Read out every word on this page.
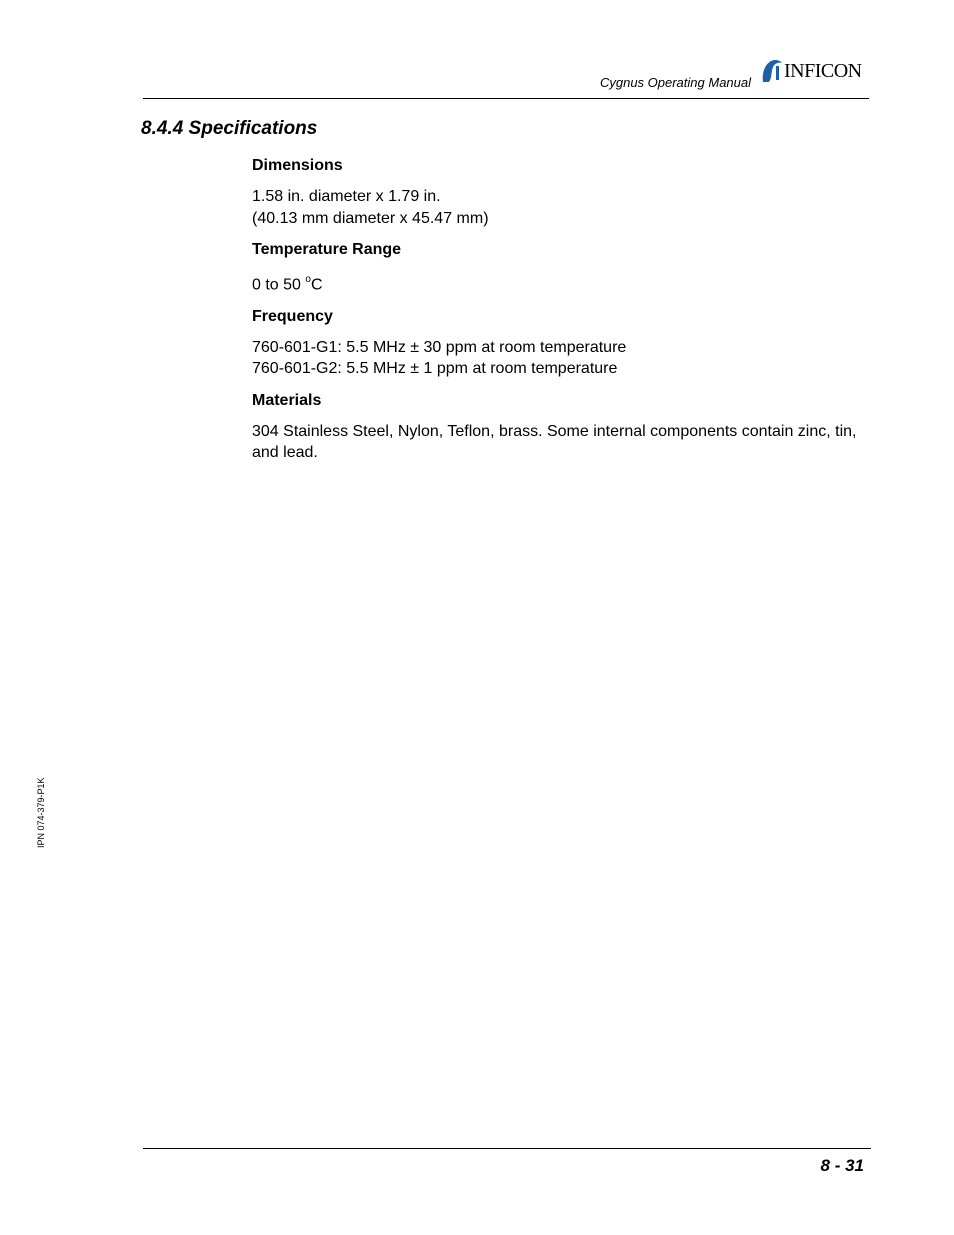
Cygnus Operating Manual
INFICON
8.4.4 Specifications

Dimensions

1.58 in. diameter x 1.79 in.

(40.13 mm diameter x 45.47 mm)

Temperature Range

0 to 50 $^o$C

Frequency

760-601-G1: 5.5 MHz ± 30 ppm at room temperature

760-601-G2: 5.5 MHz ± 1 ppm at room temperature

Materials

304 Stainless Steel, Nylon, Teflon, brass. Some internal components contain zinc, tin, and lead.

IPN 074-379-P1K
8 - 31
